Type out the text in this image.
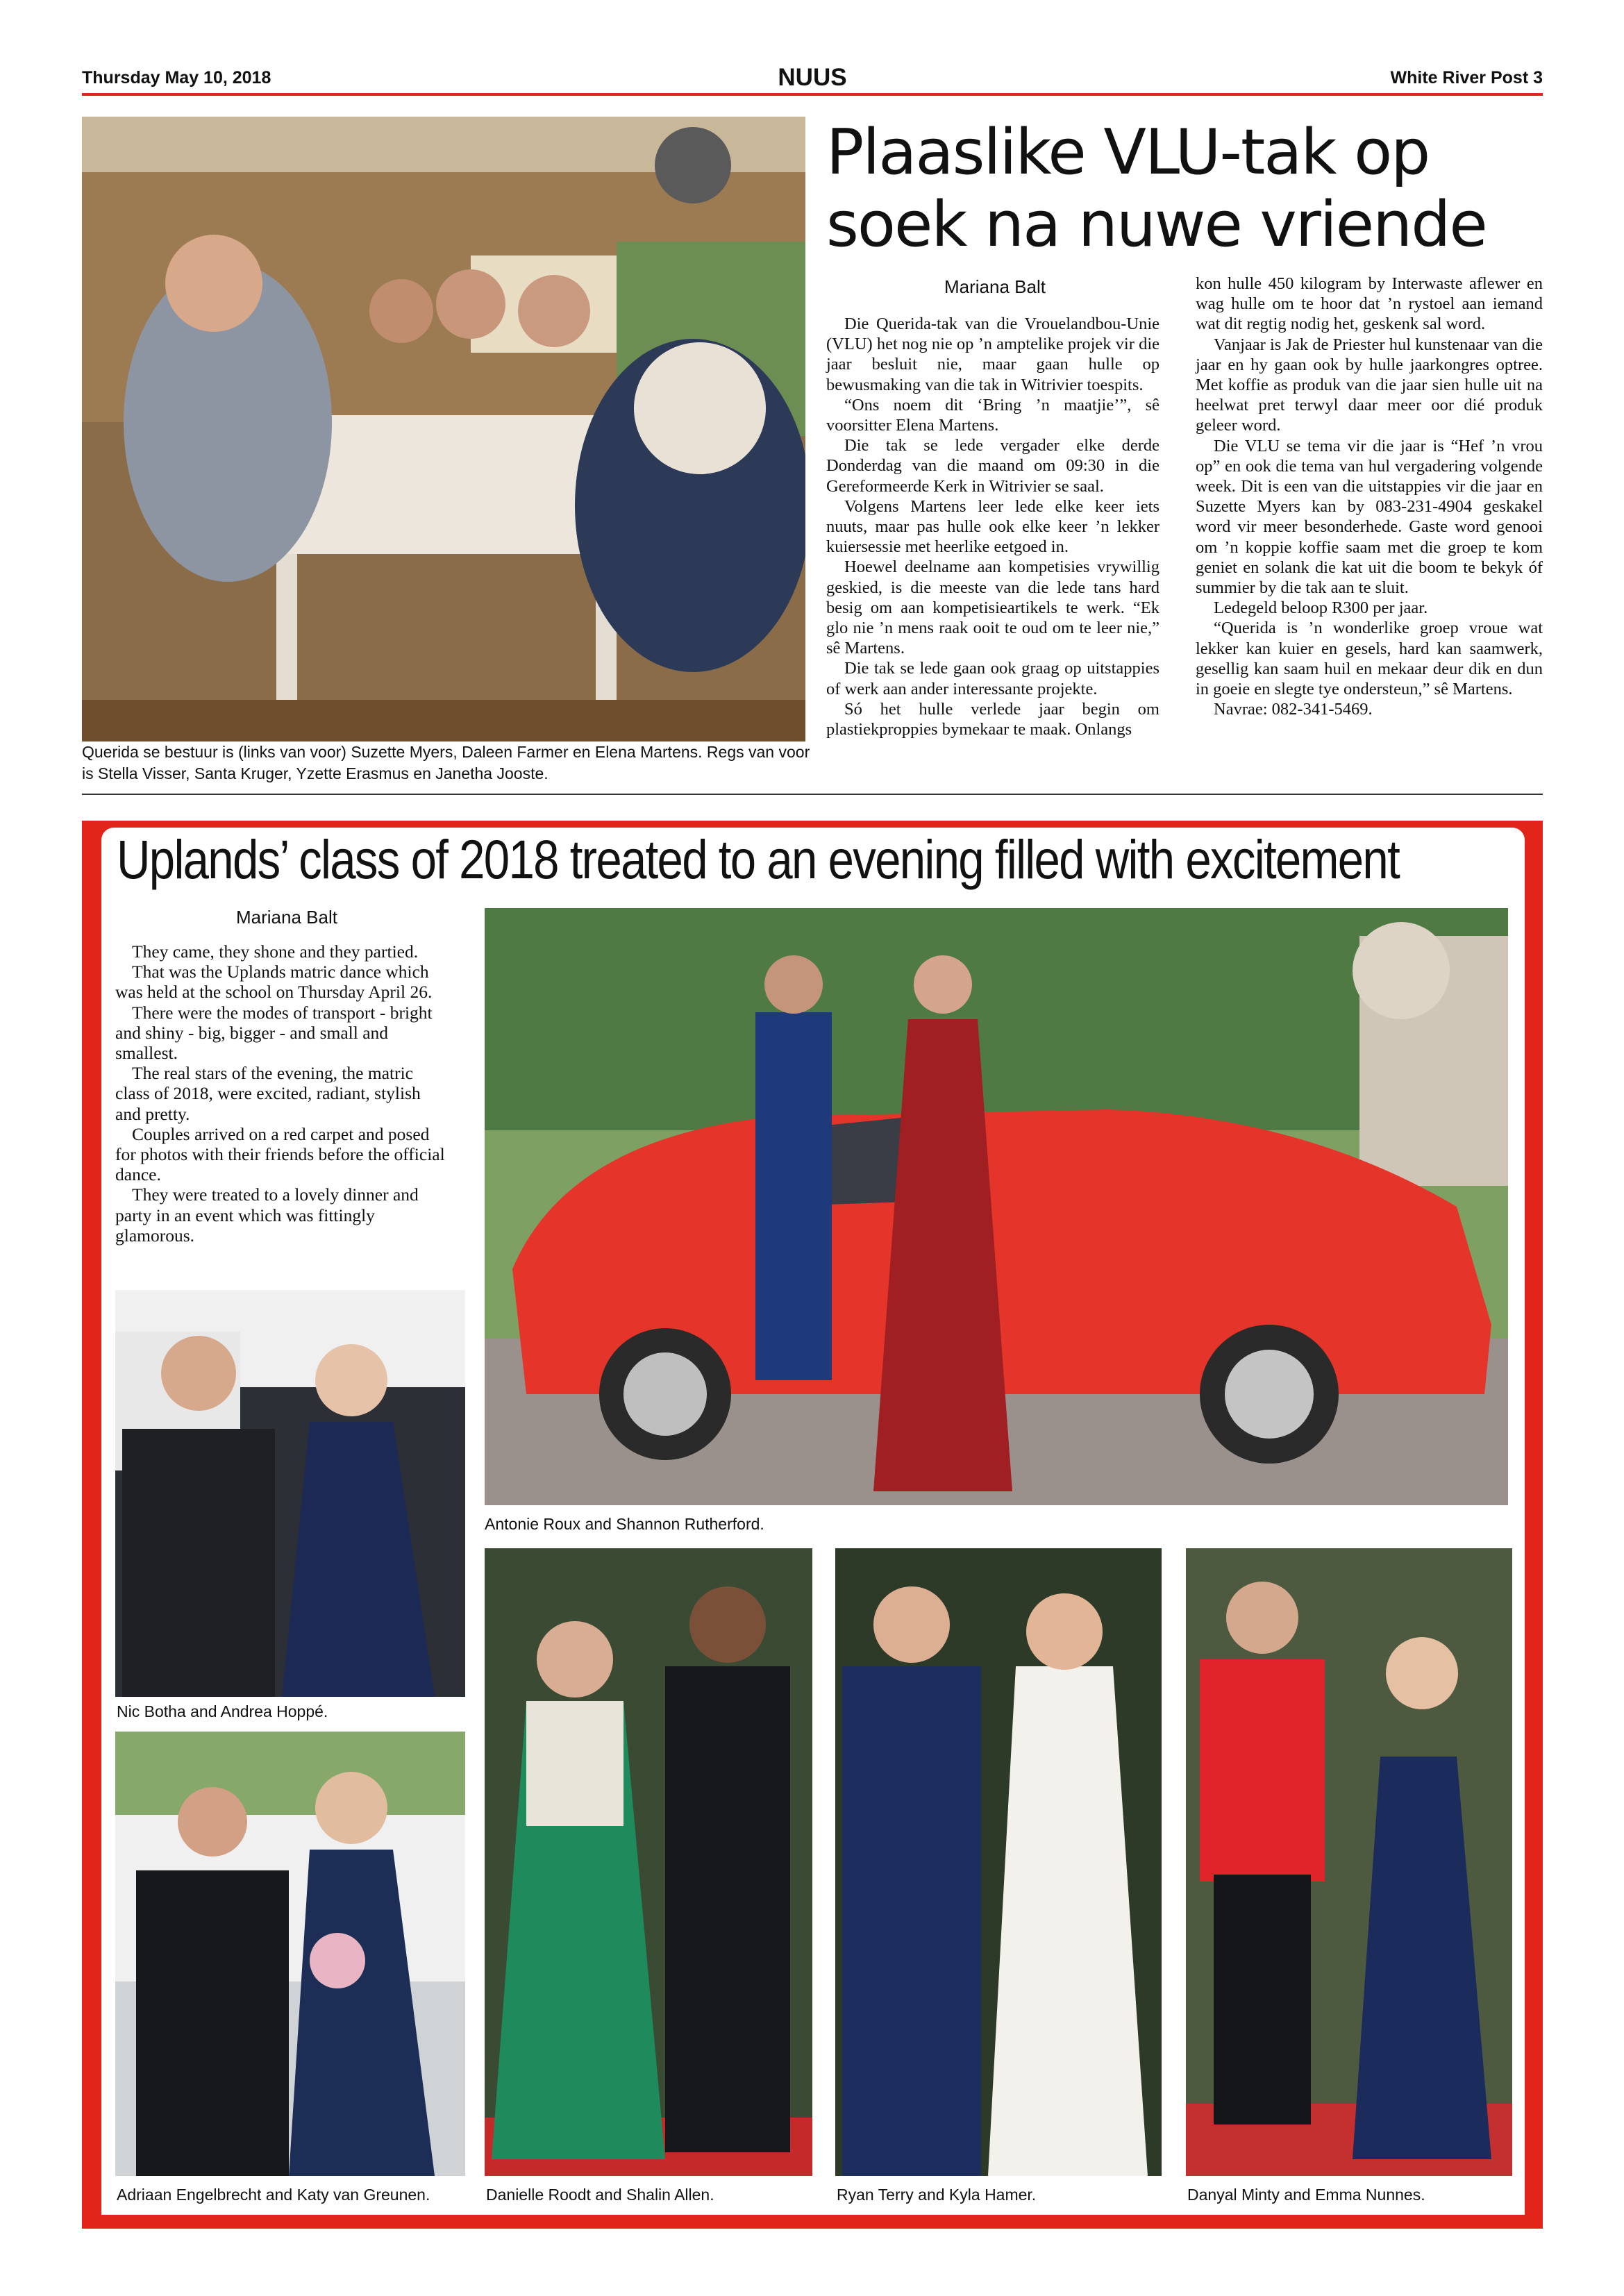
Thursday May 10, 2018	NUUS	White River Post 3
Querida se bestuur is (links van voor) Suzette Myers, Daleen Farmer en Elena Martens. Regs van voor is Stella Visser, Santa Kruger, Yzette Erasmus en Janetha Jooste.
Plaaslike VLU-tak op soek na nuwe vriende
Mariana Balt

Die Querida-tak van die Vrouelandbou-Unie (VLU) het nog nie op ’n amptelike projek vir die jaar besluit nie, maar gaan hulle op bewusmaking van die tak in Witrivier toespits.

“Ons noem dit ‘Bring ’n maatjie’”, sê voorsitter Elena Martens.

Die tak se lede vergader elke derde Donderdag van die maand om 09:30 in die Gereformeerde Kerk in Witrivier se saal.

Volgens Martens leer lede elke keer iets nuuts, maar pas hulle ook elke keer ’n lekker kuiersessie met heerlike eetgoed in.

Hoewel deelname aan kompetisies vrywillig geskied, is die meeste van die lede tans hard besig om aan kompetisieartikels te werk. “Ek glo nie ’n mens raak ooit te oud om te leer nie,” sê Martens.

Die tak se lede gaan ook graag op uitstappies of werk aan ander interessante projekte.

Só het hulle verlede jaar begin om plastiekproppies bymekaar te maak. Onlangs

kon hulle 450 kilogram by Interwaste aflewer en wag hulle om te hoor dat ’n rystoel aan iemand wat dit regtig nodig het, geskenk sal word.

Vanjaar is Jak de Priester hul kunstenaar van die jaar en hy gaan ook by hulle jaarkongres optree. Met koffie as produk van die jaar sien hulle uit na heelwat pret terwyl daar meer oor dié produk geleer word.

Die VLU se tema vir die jaar is “Hef ’n vrou op” en ook die tema van hul vergadering volgende week. Dit is een van die uitstappies vir die jaar en Suzette Myers kan by 083-231-4904 geskakel word vir meer besonderhede. Gaste word genooi om ’n koppie koffie saam met die groep te kom geniet en solank die kat uit die boom te bekyk óf summier by die tak aan te sluit.

Ledegeld beloop R300 per jaar.

“Querida is ’n wonderlike groep vroue wat lekker kan kuier en gesels, hard kan saamwerk, gesellig kan saam huil en mekaar deur dik en dun in goeie en slegte tye ondersteun,” sê Martens.

Navrae: 082-341-5469.

Uplands’ class of 2018 treated to an evening filled with excitement
Mariana Balt

They came, they shone and they partied.

That was the Uplands matric dance which was held at the school on Thursday April 26.

There were the modes of transport - bright and shiny - big, bigger - and small and smallest.

The real stars of the evening, the matric class of 2018, were excited, radiant, stylish and pretty.

Couples arrived on a red carpet and posed for photos with their friends before the official dance.

They were treated to a lovely dinner and party in an event which was fittingly glamorous.

Antonie Roux and Shannon Rutherford.
Nic Botha and Andrea Hoppé.
Adriaan Engelbrecht and Katy van Greunen.	Danielle Roodt and Shalin Allen.	Ryan Terry and Kyla Hamer.	Danyal Minty and Emma Nunnes.
